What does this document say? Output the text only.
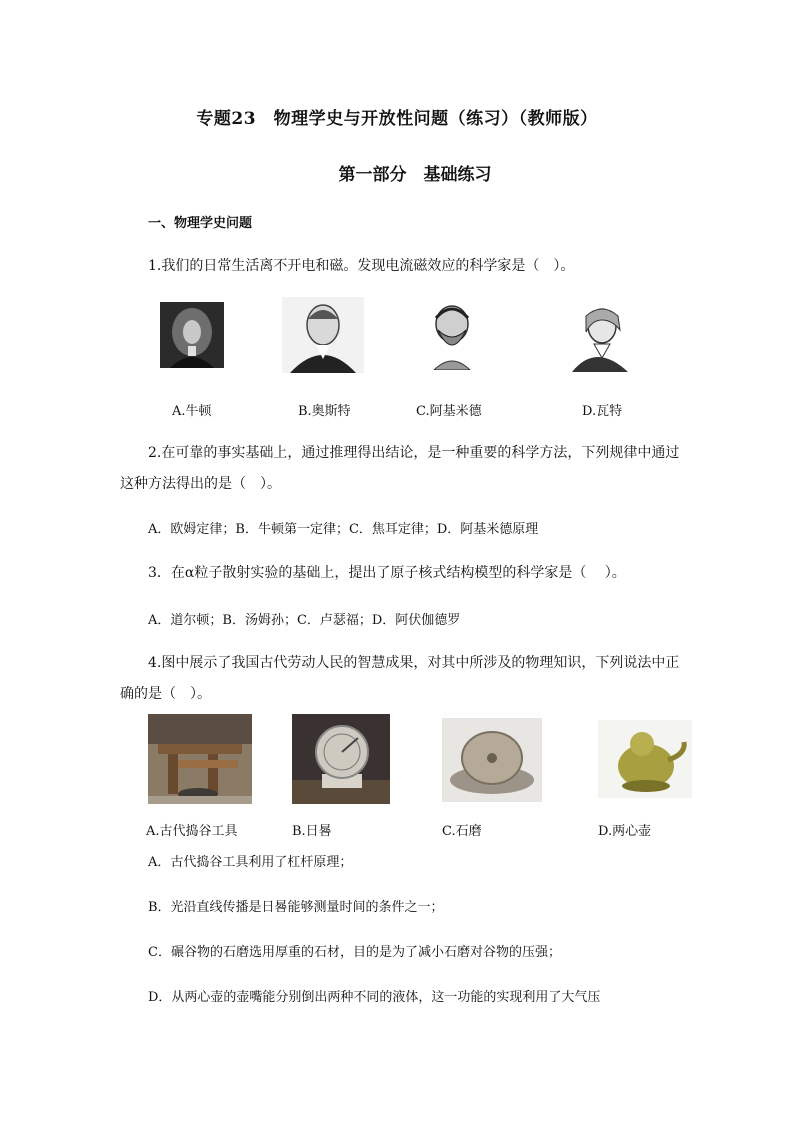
专题23　物理学史与开放性问题（练习）（教师版）
第一部分　基础练习
一、物理学史问题
1.我们的日常生活离不开电和磁。发现电流磁效应的科学家是（　）。
A.牛顿	B.奥斯特	C.阿基米德	D.瓦特
2.在可靠的事实基础上，通过推理得出结论，是一种重要的科学方法，下列规律中通过
这种方法得出的是（　）。
A．欧姆定律；B．牛顿第一定律；C．焦耳定律；D．阿基米德原理
3．在α粒子散射实验的基础上，提出了原子核式结构模型的科学家是（　 ）。
A．道尔顿；B．汤姆孙；C．卢瑟福；D．阿伏伽德罗
4.图中展示了我国古代劳动人民的智慧成果，对其中所涉及的物理知识，下列说法中正
确的是（　）。
A.古代捣谷工具	B.日晷	C.石磨	D.两心壶
A．古代捣谷工具利用了杠杆原理；
B．光沿直线传播是日晷能够测量时间的条件之一；
C．碾谷物的石磨选用厚重的石材，目的是为了减小石磨对谷物的压强；
D．从两心壶的壶嘴能分别倒出两种不同的液体，这一功能的实现利用了大气压
